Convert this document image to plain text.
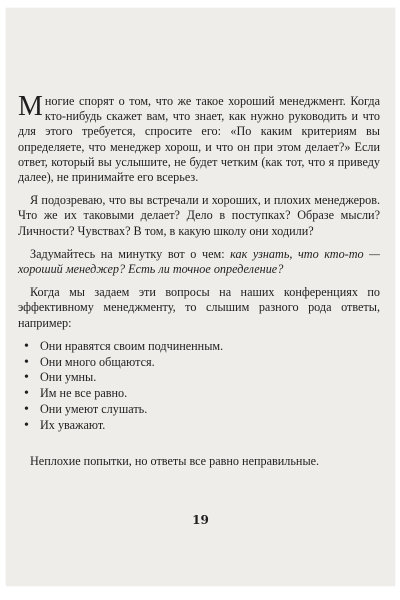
Многие спорят о том, что же такое хороший менеджмент. Когда кто-нибудь скажет вам, что знает, как нужно руководить и что для этого требуется, спросите его: «По каким критериям вы определяете, что менеджер хорош, и что он при этом делает?» Если ответ, который вы услышите, не будет четким (как тот, что я приведу далее), не принимайте его всерьез.

Я подозреваю, что вы встречали и хороших, и плохих менеджеров. Что же их таковыми делает? Дело в поступках? Образе мысли? Личности? Чувствах? В том, в какую школу они ходили?

Задумайтесь на минутку вот о чем: как узнать, что кто-то — хороший менеджер? Есть ли точное определение?

Когда мы задаем эти вопросы на наших конференциях по эффективному менеджменту, то слышим разного рода ответы, например:

• Они нравятся своим подчиненным.
• Они много общаются.
• Они умны.
• Им не все равно.
• Они умеют слушать.
• Их уважают.

Неплохие попытки, но ответы все равно неправильные.

19
